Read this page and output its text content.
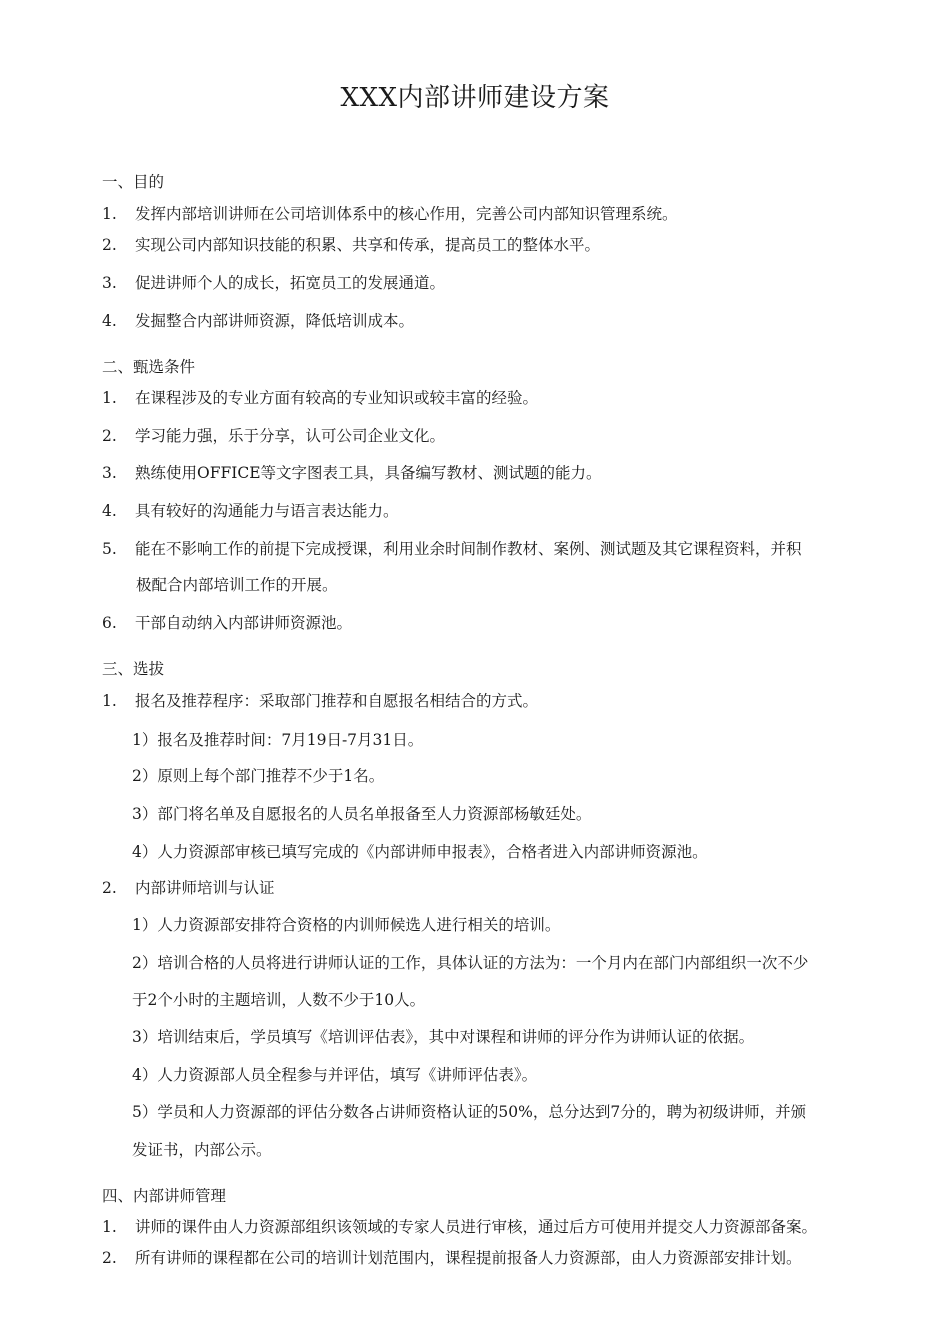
XXX内部讲师建设方案
一、目的
1.	发挥内部培训讲师在公司培训体系中的核心作用，完善公司内部知识管理系统。
2.	实现公司内部知识技能的积累、共享和传承，提高员工的整体水平。
3.	促进讲师个人的成长，拓宽员工的发展通道。
4.	发掘整合内部讲师资源，降低培训成本。
二、甄选条件
1.	在课程涉及的专业方面有较高的专业知识或较丰富的经验。
2.	学习能力强，乐于分享，认可公司企业文化。
3.	熟练使用OFFICE等文字图表工具，具备编写教材、测试题的能力。
4.	具有较好的沟通能力与语言表达能力。
5.	能在不影响工作的前提下完成授课，利用业余时间制作教材、案例、测试题及其它课程资料，并积
极配合内部培训工作的开展。
6.	干部自动纳入内部讲师资源池。
三、选拔
1.	报名及推荐程序：采取部门推荐和自愿报名相结合的方式。
1）报名及推荐时间：7月19日-7月31日。
2）原则上每个部门推荐不少于1名。
3）部门将名单及自愿报名的人员名单报备至人力资源部杨敏廷处。
4）人力资源部审核已填写完成的《内部讲师申报表》，合格者进入内部讲师资源池。
2.	内部讲师培训与认证
1）人力资源部安排符合资格的内训师候选人进行相关的培训。
2）培训合格的人员将进行讲师认证的工作，具体认证的方法为：一个月内在部门内部组织一次不少
于2个小时的主题培训，人数不少于10人。
3）培训结束后，学员填写《培训评估表》，其中对课程和讲师的评分作为讲师认证的依据。
4）人力资源部人员全程参与并评估，填写《讲师评估表》。
5）学员和人力资源部的评估分数各占讲师资格认证的50%，总分达到7分的，聘为初级讲师，并颁
发证书，内部公示。
四、内部讲师管理
1.	讲师的课件由人力资源部组织该领域的专家人员进行审核，通过后方可使用并提交人力资源部备案。
2.	所有讲师的课程都在公司的培训计划范围内，课程提前报备人力资源部，由人力资源部安排计划。
